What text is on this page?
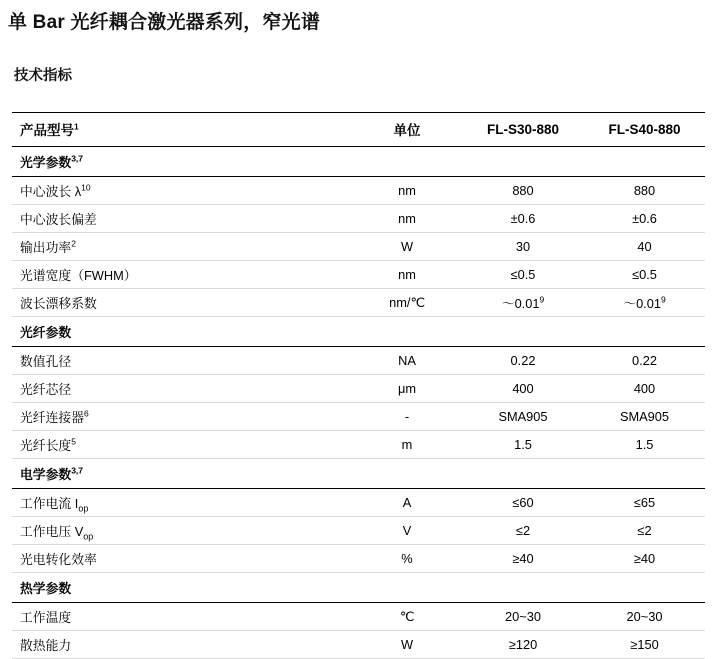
单 Bar 光纤耦合激光器系列，窄光谱
技术指标
产品型号$^1$	单位	FL-S30-880	FL-S40-880
光学参数$^{3,7}$			
中心波长 $\lambda^{10}$	nm	880	880
中心波长偏差	nm	±0.6	±0.6
输出功率$^2$	W	30	40
光谱宽度（FWHM）	nm	≤0.5	≤0.5
波长漂移系数	nm/℃	～0.01$^9$	～0.01$^9$
光纤参数			
数值孔径	NA	0.22	0.22
光纤芯径	μm	400	400
光纤连接器$^6$	-	SMA905	SMA905
光纤长度$^5$	m	1.5	1.5
电学参数$^{3,7}$			
工作电流 $I_{op}$	A	≤60	≤65
工作电压 $V_{op}$	V	≤2	≤2
光电转化效率	%	≥40	≥40
热学参数			
工作温度	℃	20~30	20~30
散热能力	W	≥120	≥150
